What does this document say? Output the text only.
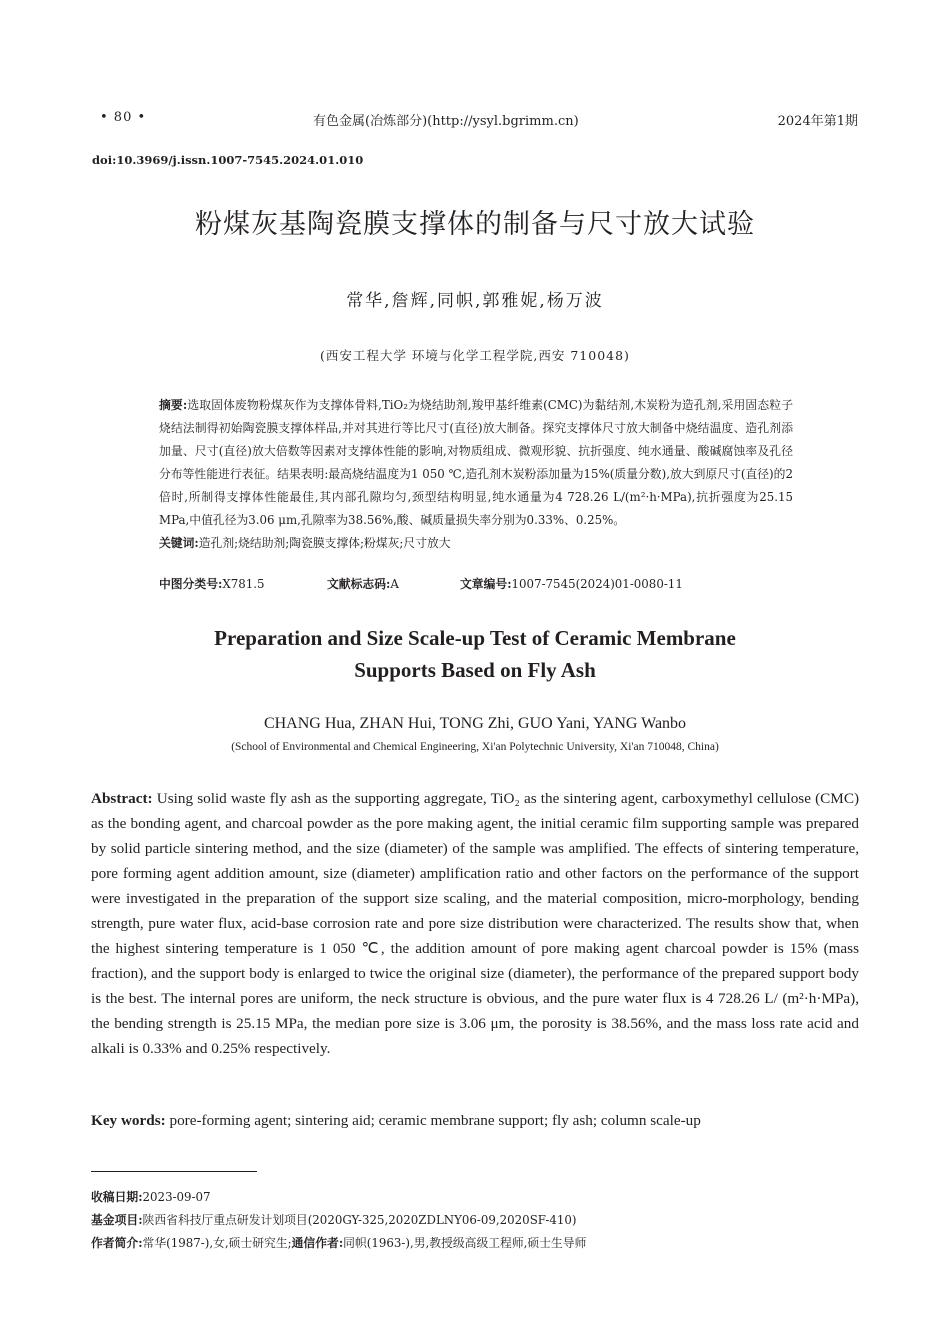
• 80 •	有色金属(冶炼部分)(http://ysyl.bgrimm.cn)	2024年第1期
doi:10.3969/j.issn.1007-7545.2024.01.010
粉煤灰基陶瓷膜支撑体的制备与尺寸放大试验
常华,詹辉,同帜,郭雅妮,杨万波
(西安工程大学 环境与化学工程学院,西安 710048)
摘要:选取固体废物粉煤灰作为支撑体骨料,TiO₂为烧结助剂,羧甲基纤维素(CMC)为黏结剂,木炭粉为造孔剂,采用固态粒子烧结法制得初始陶瓷膜支撑体样品,并对其进行等比尺寸(直径)放大制备。探究支撑体尺寸放大制备中烧结温度、造孔剂添加量、尺寸(直径)放大倍数等因素对支撑体性能的影响,对物质组成、微观形貌、抗折强度、纯水通量、酸碱腐蚀率及孔径分布等性能进行表征。结果表明:最高烧结温度为1 050 ℃,造孔剂木炭粉添加量为15%(质量分数),放大到原尺寸(直径)的2倍时,所制得支撑体性能最佳,其内部孔隙均匀,颈型结构明显,纯水通量为4 728.26 L/(m²·h·MPa),抗折强度为25.15 MPa,中值孔径为3.06 μm,孔隙率为38.56%,酸、碱质量损失率分别为0.33%、0.25%。
关键词:造孔剂;烧结助剂;陶瓷膜支撑体;粉煤灰;尺寸放大
中图分类号:X781.5	文献标志码:A	文章编号:1007-7545(2024)01-0080-11
Preparation and Size Scale-up Test of Ceramic Membrane Supports Based on Fly Ash
CHANG Hua, ZHAN Hui, TONG Zhi, GUO Yani, YANG Wanbo
(School of Environmental and Chemical Engineering, Xi'an Polytechnic University, Xi'an 710048, China)
Abstract: Using solid waste fly ash as the supporting aggregate, TiO₂ as the sintering agent, carboxymethyl cellulose (CMC) as the bonding agent, and charcoal powder as the pore making agent, the initial ceramic film supporting sample was prepared by solid particle sintering method, and the size (diameter) of the sample was amplified. The effects of sintering temperature, pore forming agent addition amount, size (diameter) amplification ratio and other factors on the performance of the support were investigated in the preparation of the support size scaling, and the material composition, micro-morphology, bending strength, pure water flux, acid-base corrosion rate and pore size distribution were characterized. The results show that, when the highest sintering temperature is 1 050 ℃, the addition amount of pore making agent charcoal powder is 15% (mass fraction), and the support body is enlarged to twice the original size (diameter), the performance of the prepared support body is the best. The internal pores are uniform, the neck structure is obvious, and the pure water flux is 4 728.26 L/ (m²·h·MPa), the bending strength is 25.15 MPa, the median pore size is 3.06 μm, the porosity is 38.56%, and the mass loss rate acid and alkali is 0.33% and 0.25% respectively.
Key words: pore-forming agent; sintering aid; ceramic membrane support; fly ash; column scale-up
收稿日期:2023-09-07
基金项目:陕西省科技厅重点研发计划项目(2020GY-325,2020ZDLNY06-09,2020SF-410)
作者简介:常华(1987-),女,硕士研究生;通信作者:同帜(1963-),男,教授级高级工程师,硕士生导师
